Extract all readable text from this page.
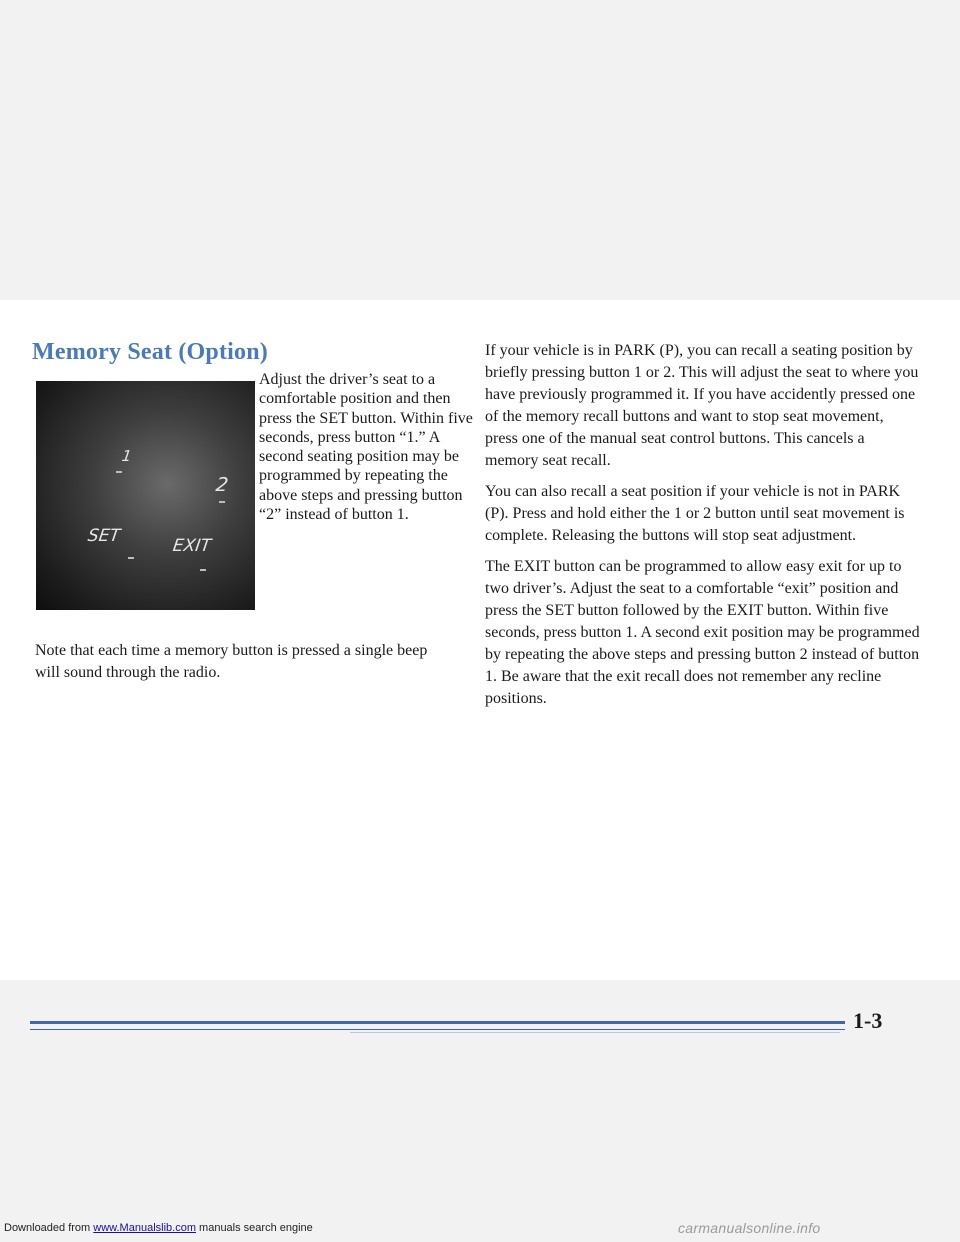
Memory Seat (Option)
1
2
SET	EXIT
Adjust the driver’s seat to a comfortable position and then press the SET button. Within five seconds, press button “1.” A second seating position may be programmed by repeating the above steps and pressing button “2” instead of button 1.
Note that each time a memory button is pressed a single beep will sound through the radio.

If your vehicle is in PARK (P), you can recall a seating position by briefly pressing button 1 or 2. This will adjust the seat to where you have previously programmed it. If you have accidently pressed one of the memory recall buttons and want to stop seat movement, press one of the manual seat control buttons. This cancels a memory seat recall.

You can also recall a seat position if your vehicle is not in PARK (P). Press and hold either the 1 or 2 button until seat movement is complete. Releasing the buttons will stop seat adjustment.

The EXIT button can be programmed to allow easy exit for up to two driver’s. Adjust the seat to a comfortable “exit” position and press the SET button followed by the EXIT button. Within five seconds, press button 1. A second exit position may be programmed by repeating the above steps and pressing button 2 instead of button 1. Be aware that the exit recall does not remember any recline positions.

1-3
Downloaded from www.Manualslib.com manuals search engine	carmanualsonline.info
